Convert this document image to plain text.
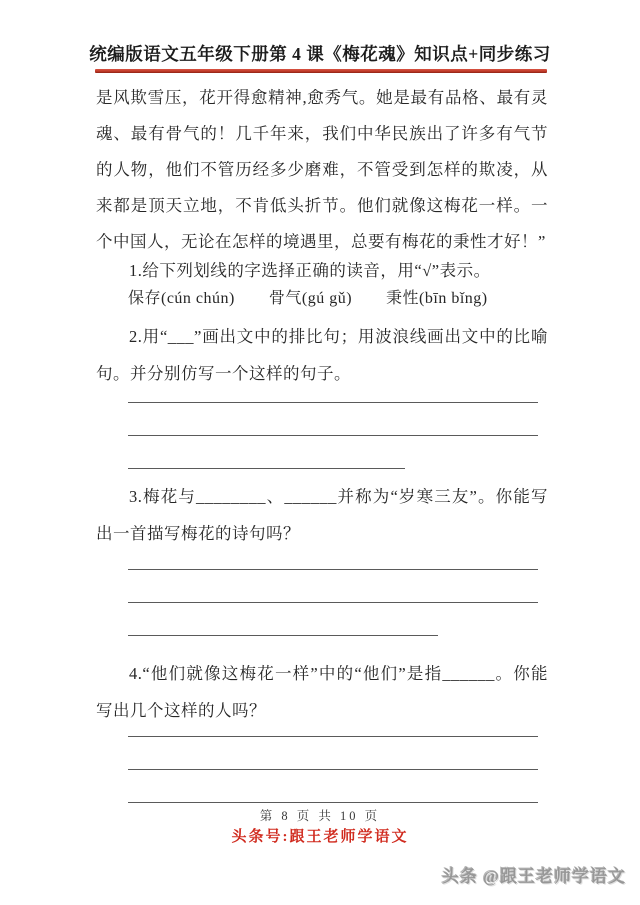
统编版语文五年级下册第 4 课《梅花魂》知识点+同步练习
是风欺雪压，花开得愈精神,愈秀气。她是最有品格、最有灵魂、最有骨气的！几千年来，我们中华民族出了许多有气节的人物，他们不管历经多少磨难，不管受到怎样的欺凌，从来都是顶天立地，不肯低头折节。他们就像这梅花一样。一个中国人，无论在怎样的境遇里，总要有梅花的秉性才好！”
1.给下列划线的字选择正确的读音，用“√”表示。
保存(cún chún) 骨气(gú gǔ) 秉性(bīn bǐng)
2.用“___”画出文中的排比句；用波浪线画出文中的比喻句。并分别仿写一个这样的句子。
3.梅花与________、______并称为“岁寒三友”。你能写出一首描写梅花的诗句吗？
4.“他们就像这梅花一样”中的“他们”是指______。你能写出几个这样的人吗？
第 8 页 共 10 页
头条号:跟王老师学语文
头条 @跟王老师学语文
